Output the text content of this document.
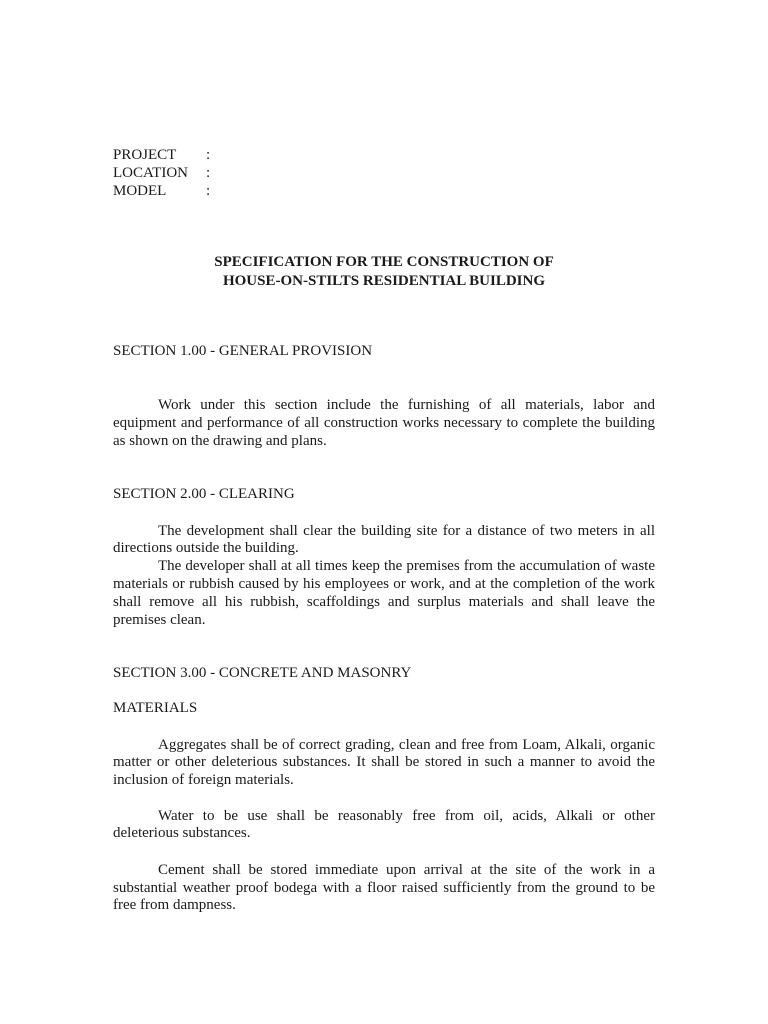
PROJECT :
LOCATION :
MODEL	:
SPECIFICATION FOR THE CONSTRUCTION OF
HOUSE-ON-STILTS RESIDENTIAL BUILDING
SECTION 1.00 - GENERAL PROVISION
Work under this section include the furnishing of all materials, labor and
equipment and performance of all construction works necessary to complete the building
as shown on the drawing and plans.
SECTION 2.00 - CLEARING
The development shall clear the building site for a distance of two meters in all
directions outside the building.
The developer shall at all times keep the premises from the accumulation of waste
materials or rubbish caused by his employees or work, and at the completion of the work
shall remove all his rubbish, scaffoldings and surplus materials and shall leave the
premises clean.
SECTION 3.00 - CONCRETE AND MASONRY
MATERIALS
Aggregates shall be of correct grading, clean and free from Loam, Alkali, organic
matter or other deleterious substances. It shall be stored in such a manner to avoid the
inclusion of foreign materials.
Water to be use shall be reasonably free from oil, acids, Alkali or other
deleterious substances.
Cement shall be stored immediate upon arrival at the site of the work in a
substantial weather proof bodega with a floor raised sufficiently from the ground to be
free from dampness.
